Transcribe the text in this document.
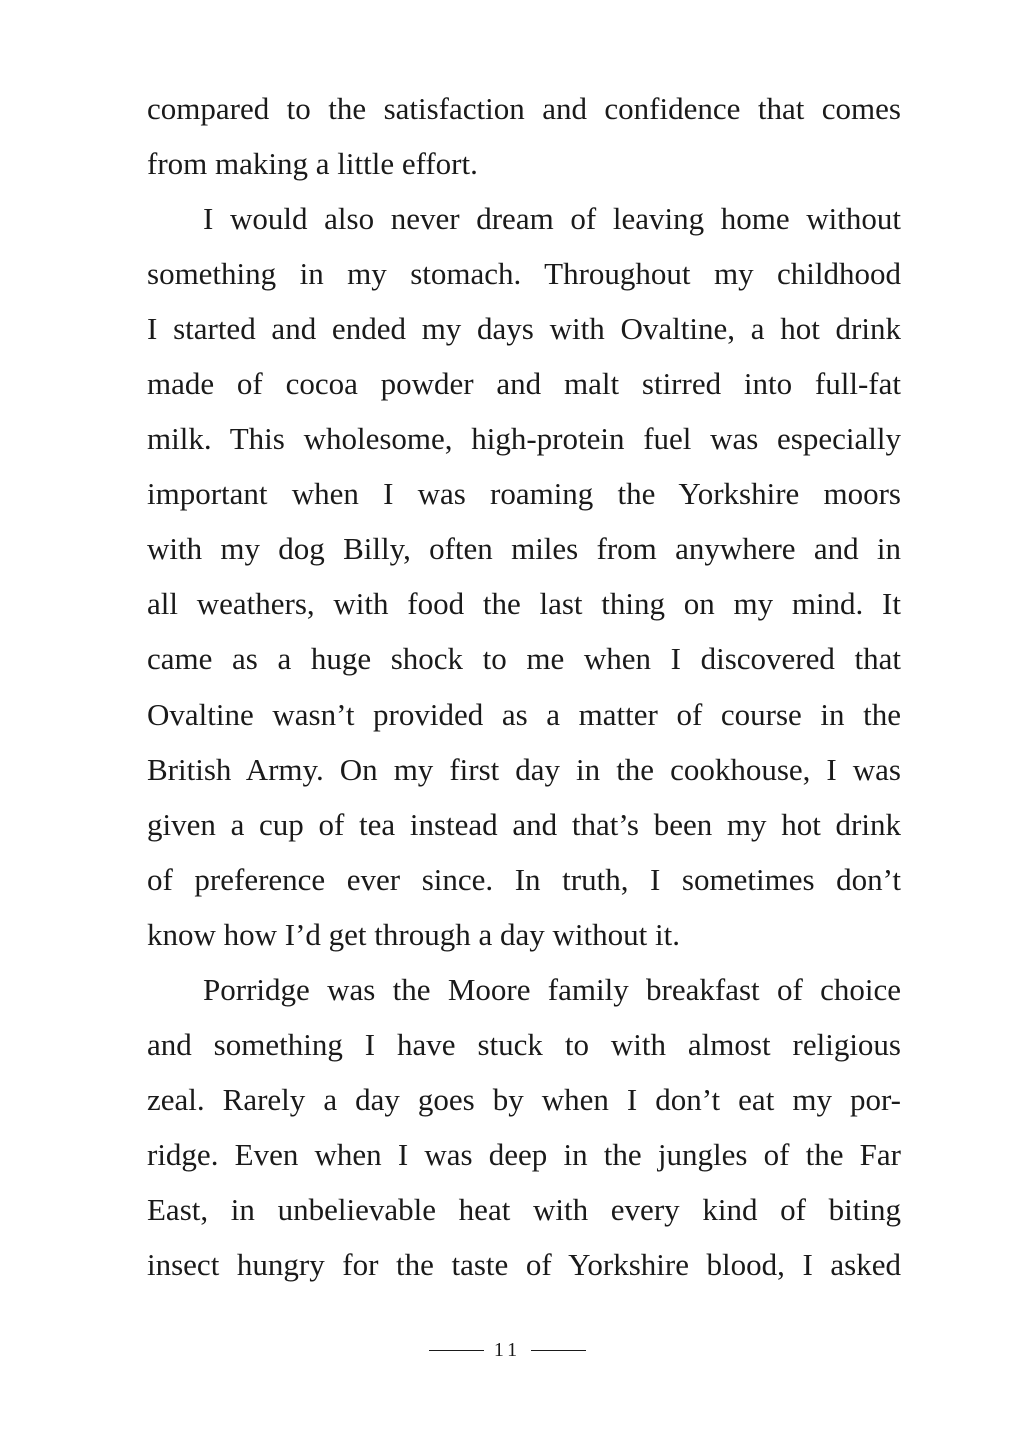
compared to the satisfaction and confidence that comes
from making a little effort.
I would also never dream of leaving home without
something in my stomach. Throughout my childhood
I started and ended my days with Ovaltine, a hot drink
made of cocoa powder and malt stirred into full-fat
milk. This wholesome, high-protein fuel was especially
important when I was roaming the Yorkshire moors
with my dog Billy, often miles from anywhere and in
all weathers, with food the last thing on my mind. It
came as a huge shock to me when I discovered that
Ovaltine wasn’t provided as a matter of course in the
British Army. On my first day in the cookhouse, I was
given a cup of tea instead and that’s been my hot drink
of preference ever since. In truth, I sometimes don’t
know how I’d get through a day without it.
Porridge was the Moore family breakfast of choice
and something I have stuck to with almost religious
zeal. Rarely a day goes by when I don’t eat my por-
ridge. Even when I was deep in the jungles of the Far
East, in unbelievable heat with every kind of biting
insect hungry for the taste of Yorkshire blood, I asked
11
